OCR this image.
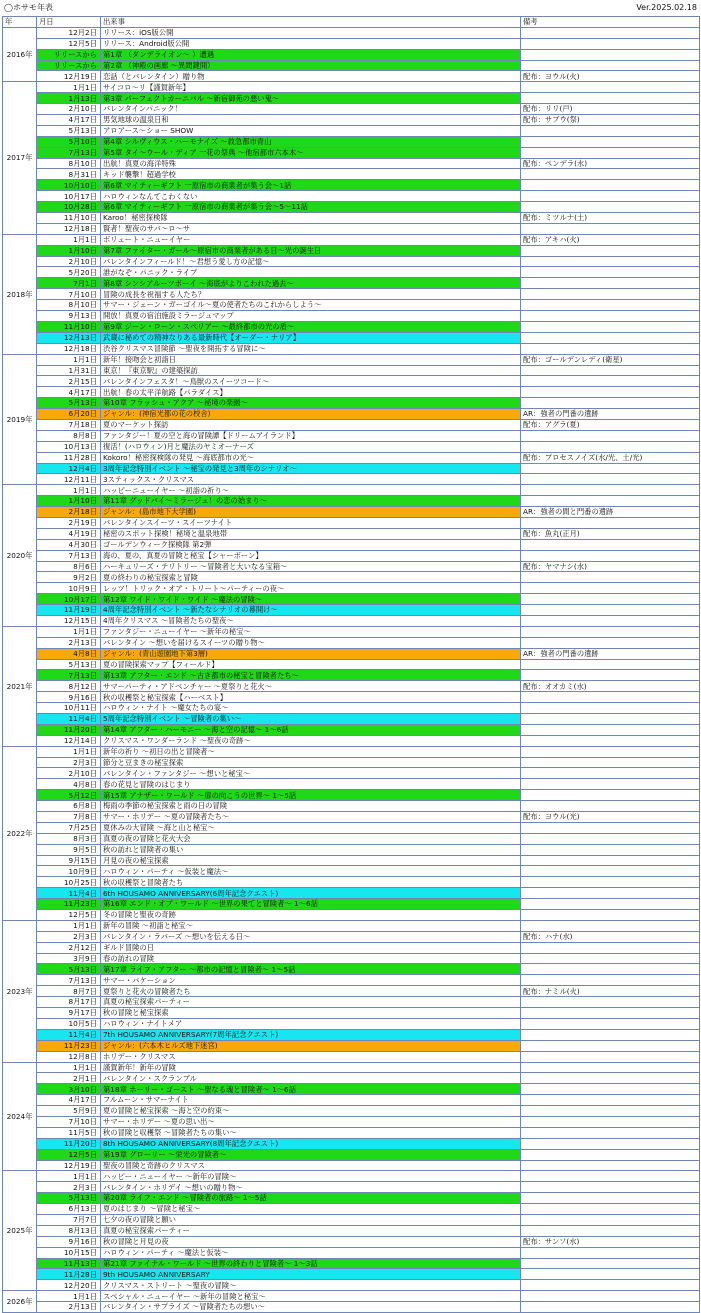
◯ホサモ年表	Ver.2025.02.18
年	月日	出来事	備考
2016年	12月2日	リリース：iOS版公開	
	12月5日	リリース：Android版公開	
	リリースから	第1章 （ダンデライオン〜 ）遭遇	
	リリースから	第2章 （神殿の画廊 〜異聞鍵開）	
	12月19日	恋話（とバレンタイン）贈り物	配布：ヨウル(火)
2017年	1月1日	サイコロ〜リ【謹賀新年】	
	1月13日	第3章 パーフェクトカーニバル 〜新宿御苑の悪い鬼〜	
	2月10日	バレンタインパニック！	配布：リリ(戸)
	4月17日	男気地球の温泉日和	配布：サブウ(祭)
	5月13日	アロアース〜ショー SHOW	
	5月10日	第4章 シルヴィウス・ハーモナイズ 〜救急都市青山	
	7月13日	第5章 タイ〜ウール・ディア 一花の祭典 〜他宿都市六本木〜	
	8月10日	出航！真夏の海洋特殊	配布：ペンデラ(水)
	8月31日	キッド襲撃！超過学校	
	10月10日	第6章 マイティーギフト 一原宿市の商業者が集う会〜1話	
	10月17日	ハロウィンなんてこわくない	
	10月28日	第6章 マイティーギフト 一原宿市の商業者が集う会〜5〜11話	
	11月10日	Karoo！秘密探検隊	配布：ミツルナ(土)
	12月18日	賢者！聖夜のサバ〜ロ〜サ	
2018年	1月1日	ボリュート・ニューイヤー	配布：アキハ(火)
	1月10日	第7章 ファイター・ガール〜原宿市の商業者がある日〜光の誕生日	
	2月10日	バレンタインフィールド！〜君想う愛し方の記憶〜	
	5月20日	誰がなぞ・パニック・ライブ	
	7月1日	第8章 シンシアルーツボーイ 〜海底がよりこわれた過去〜	
	7月10日	冒険の成長を祝福する人たち？	
	8月10日	サマー・ジェーン・ガーゴイル〜夏の使者たちのこれからしよう〜	
	9月13日	開放！真夏の宿泊施設ミラージュマップ	
	11月10日	第9章 ジーン・ローン・スペリアー 〜最終都市の光の盾〜	
	12月13日	武蔵に秘めての精神なりある最新時代【オーダー・ナリア】	
	12月18日	渋谷クリスマス冒険節 〜聖夜を開拓する冒険に〜	
2019年	1月1日	新年！接吻会と初詣日	配布：ゴールデンレディ(衛星)
	1月31日	東京！『東京駅』の建築探訪	
	2月15日	バレンタインフェスタ！〜鳥獣のスイーツコード〜	
	4月17日	出航！春の太平洋航路【パラダイス】	
	5月13日	第10章 フラッシュ・アクア 〜秘境の楽園〜	
	6月20日	ジャンル：(神宿光都の花の校舎)	AR：強者の門番の遺跡
	7月18日	夏のマーケット探訪	配布：アグラ(夏)
	8月8日	ファンタジー！夏の空と海の冒険譚【ドリームアイランド】	
	10月13日	復活！(ハロウィン)月と魔法のヤミオーナーズ	
	11月28日	Kokoro！秘密探検隊の発見 〜海底都市の光〜	配布：プロセスノイズ(水/光、土/光)
	12月4日	3周年記念特別イベント 〜秘宝の発見と3周年のシナリオ〜	
	12月11日	3スティックス・クリスマス	
2020年	1月1日	ハッピーニューイヤー 〜初詣の祈り〜	
	1月10日	第11章 グッドバイ〜ミラージュ！の恋の始まり〜	
	2月18日	ジャンル：(島市地下大学園)	AR：強者の間と門番の遺跡
	2月19日	バレンタインスイーツ・スイーツナイト	
	4月19日	秘密のスポット探検！秘境と温泉地帯	配布：魚丸(正月)
	4月30日	ゴールデンウィーク探検隊 第2弾	
	7月13日	海の、夏の、真夏の冒険と秘宝【シャーボーン】	
	8月6日	ハーキュリーズ・テリトリー 〜冒険者と大いなる宝箱〜	配布：ヤマナシ(水)
	9月2日	夏の終わりの秘宝探索と冒険	
	10月9日	レッツ！トリック・オア・トリート〜パーティーの夜〜	
	10月17日	第12章 ワイド・ワイド・ワイド 〜魔法の冒険〜	
	11月19日	4周年記念特別イベント 〜新たなシナリオの幕開け〜	
	12月15日	4周年クリスマス 〜冒険者たちの聖夜〜	
2021年	1月1日	ファンタジー・ニューイヤー 〜新年の秘宝〜	
	2月13日	バレンタイン 〜想いを届けるスイーツの贈り物〜	
	4月8日	ジャンル：(青山遊園地下第3層)	AR：強者の門番の遺跡
	5月13日	夏の冒険探索マップ【フィールド】	
	7月13日	第13章 アフター・エンド 〜古き都市の秘宝と冒険者たち〜	
	8月12日	サマーパーティ・アドベンチャー 〜夏祭りと花火〜	配布：オオカミ(水)
	9月16日	秋の収穫祭と秘宝探索【ハーベスト】	
	10月11日	ハロウィン・ナイト 〜魔女たちの宴〜	
	11月4日	5周年記念特別イベント 〜冒険者の集い〜	
	11月20日	第14章 アフター・ハーモニー 〜海と空の記憶〜 1〜6話	
	12月14日	クリスマス・ワンダーランド 〜聖夜の奇跡〜	
2022年	1月1日	新年の祈り 〜初日の出と冒険者〜	
	2月3日	節分と豆まきの秘宝探索	
	2月10日	バレンタイン・ファンタジー 〜想いと秘宝〜	
	4月8日	春の花見と冒険のはじまり	
	5月12日	第15章 アナザー・ワールド 〜扉の向こうの世界〜 1〜5話	
	6月8日	梅雨の季節の秘宝探索と雨の日の冒険	
	7月8日	サマー・ホリデー 〜夏の冒険者たち〜	配布：ヨウル(光)
	7月25日	夏休みの大冒険 〜海と山と秘宝〜	
	8月3日	真夏の夜の冒険と花火大会	
	9月5日	秋の訪れと冒険者の集い	
	9月15日	月見の夜の秘宝探索	
	10月9日	ハロウィン・パーティ 〜仮装と魔法〜	
	10月25日	秋の収穫祭と冒険者たち	
	11月4日	6th HOUSAMO ANNIVERSARY(6周年記念クエスト)	
	11月23日	第16章 エンド・オブ・ワールド 〜世界の果てと冒険者〜 1〜6話	
	12月5日	冬の冒険と聖夜の奇跡	
2023年	1月1日	新年の冒険 〜初詣と秘宝〜	
	2月3日	バレンタイン・ラバーズ 〜想いを伝える日〜	配布：ハナ(水)
	2月12日	ギルド冒険の日	
	3月9日	春の訪れの冒険	
	5月13日	第17章 ライフ・アフター 〜都市の記憶と冒険者〜 1〜5話	
	7月13日	サマー・バケーション	
	8月7日	夏祭りと花火の冒険者たち	配布：ナミル(火)
	8月17日	真夏の秘宝探索パーティー	
	9月17日	秋の冒険と秘宝探索	
	10月5日	ハロウィン・ナイトメア	
	11月4日	7th HOUSAMO ANNIVERSARY(7周年記念クエスト)	
	11月23日	ジャンル：(六本木ヒルズ地下迷宮)	
	12月8日	ホリデー・クリスマス	
2024年	1月1日	謹賀新年！新年の冒険	
	2月1日	バレンタイン・スクランブル	
	3月10日	第18章 ホーリー・ゴースト 〜聖なる魂と冒険者〜 1〜6話	
	4月17日	フルムーン・サマーナイト	
	5月9日	夏の冒険と秘宝探索 〜海と空の約束〜	
	7月10日	サマー・ホリデー 〜夏の思い出〜	
	11月5日	秋の冒険と収穫祭 〜冒険者たちの集い〜	
	11月20日	8th HOUSAMO ANNIVERSARY(8周年記念クエスト)	
	12月5日	第19章 グローリー 〜栄光の冒険者〜	
	12月19日	聖夜の冒険と奇跡のクリスマス	
2025年	1月1日	ハッピー・ニューイヤー 〜新年の冒険〜	
	2月3日	バレンタイン・ホリデイ 〜想いの贈り物〜	
	5月13日	第20章 ライフ・エンド 〜冒険者の旅路〜 1〜5話	
	6月13日	夏のはじまり 〜冒険と秘宝〜	
	7月7日	七夕の夜の冒険と願い	
	8月13日	真夏の秘宝探索パーティー	
	9月16日	秋の冒険と月見の夜	配布：サンソ(水)
	10月15日	ハロウィン・パーティ 〜魔法と仮装〜	
	11月13日	第21章 ファイナル・ワールド 〜世界の終わりと冒険者〜 1〜3話	
	11月28日	9th HOUSAMO ANNIVERSARY	
	12月20日	クリスマス・ストリート 〜聖夜の冒険〜	
2026年	1月1日	スペシャル・ニューイヤー 〜新年の冒険と秘宝〜	
	2月13日	バレンタイン・サプライズ 〜冒険者たちの想い〜	
